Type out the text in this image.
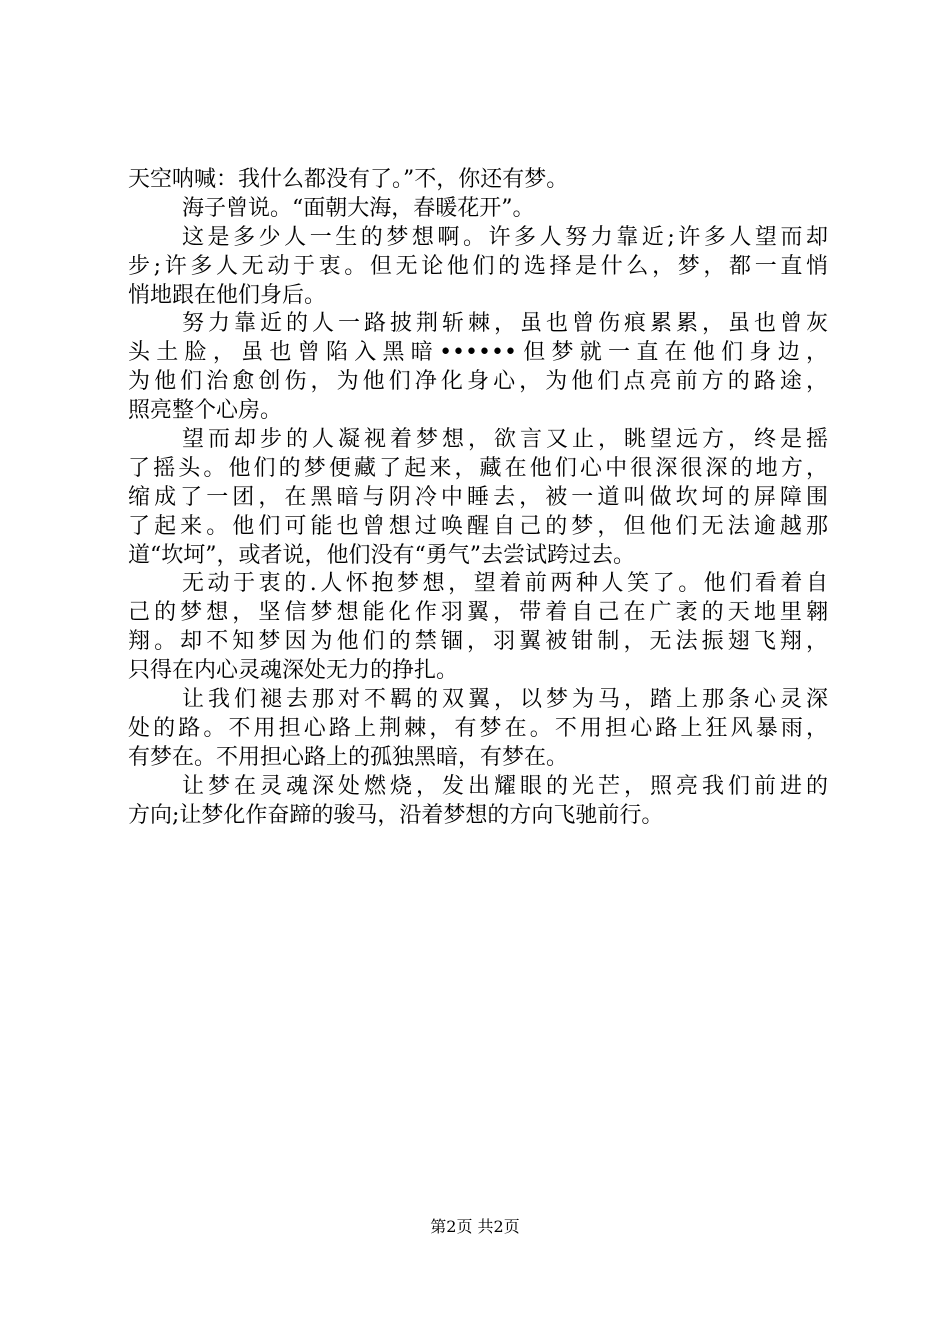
天空呐喊：我什么都没有了。”不，你还有梦。
海子曾说。“面朝大海，春暖花开”。
这是多少人一生的梦想啊。许多人努力靠近;许多人望而却
步;许多人无动于衷。但无论他们的选择是什么，梦，都一直悄
悄地跟在他们身后。
努力靠近的人一路披荆斩棘，虽也曾伤痕累累，虽也曾灰
头土脸，虽也曾陷入黑暗••••••但梦就一直在他们身边，
为他们治愈创伤，为他们净化身心，为他们点亮前方的路途，
照亮整个心房。
望而却步的人凝视着梦想，欲言又止，眺望远方，终是摇
了摇头。他们的梦便藏了起来，藏在他们心中很深很深的地方，
缩成了一团，在黑暗与阴冷中睡去，被一道叫做坎坷的屏障围
了起来。他们可能也曾想过唤醒自己的梦，但他们无法逾越那
道“坎坷”，或者说，他们没有“勇气”去尝试跨过去。
无动于衷的.人怀抱梦想，望着前两种人笑了。他们看着自
己的梦想，坚信梦想能化作羽翼，带着自己在广袤的天地里翱
翔。却不知梦因为他们的禁锢，羽翼被钳制，无法振翅飞翔，
只得在内心灵魂深处无力的挣扎。
让我们褪去那对不羁的双翼，以梦为马，踏上那条心灵深
处的路。不用担心路上荆棘，有梦在。不用担心路上狂风暴雨，
有梦在。不用担心路上的孤独黑暗，有梦在。
让梦在灵魂深处燃烧，发出耀眼的光芒，照亮我们前进的
方向;让梦化作奋蹄的骏马，沿着梦想的方向飞驰前行。
第2页 共2页
